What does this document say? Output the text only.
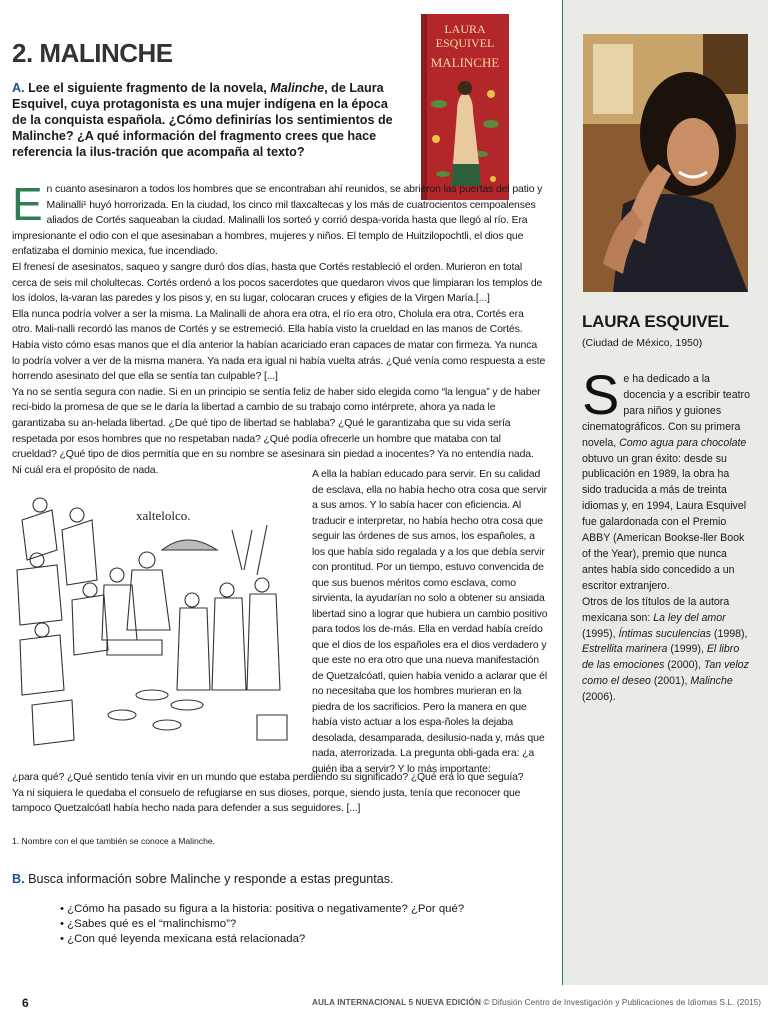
LAURA ESQUIVEL
(Ciudad de México, 1950)
Se ha dedicado a la docencia y a escribir teatro para niños y guiones cinematográficos. Con su primera novela, Como agua para chocolate obtuvo un gran éxito: desde su publicación en 1989, la obra ha sido traducida a más de treinta idiomas y, en 1994, Laura Esquivel fue galardonada con el Premio ABBY (American Bookse-ller Book of the Year), premio que nunca antes había sido concedido a un escritor extranjero.
Otros de los títulos de la autora mexicana son: La ley del amor (1995), Íntimas suculencias (1998), Estrellita marinera (1999), El libro de las emociones (2000), Tan veloz como el deseo (2001), Malinche (2006).
2. MALINCHE
A. Lee el siguiente fragmento de la novela, Malinche, de Laura Esquivel, cuya protagonista es una mujer indígena en la época de la conquista española. ¿Cómo definirías los sentimientos de Malinche? ¿A qué información del fragmento crees que hace referencia la ilus-tración que acompaña al texto?
LAURA
ESQUIVEL
MALINCHE

En cuanto asesinaron a todos los hombres que se encontraban ahí reunidos, se abrieron las puertas del patio y Malinalli¹ huyó horrorizada. En la ciudad, los cinco mil tlaxcaltecas y los más de cuatrocientos cempoalenses aliados de Cortés saqueaban la ciudad. Malinalli los sorteó y corrió despa-vorida hasta que llegó al río. Era impresionante el odio con el que asesinaban a hombres, mujeres y niños. El templo de Huitzilopochtli, el dios que enfatizaba el dominio mexica, fue incendiado.

El frenesí de asesinatos, saqueo y sangre duró dos días, hasta que Cortés restableció el orden. Murieron en total cerca de seis mil cholultecas. Cortés ordenó a los pocos sacerdotes que quedaron vivos que limpiaran los templos de los ídolos, la-varan las paredes y los pisos y, en su lugar, colocaran cruces y efigies de la Virgen María.[...]

Ella nunca podría volver a ser la misma. La Malinalli de ahora era otra, el río era otro, Cholula era otra, Cortés era otro. Mali-nalli recordó las manos de Cortés y se estremeció. Ella había visto la crueldad en las manos de Cortés. Había visto cómo esas manos que el día anterior la habían acariciado eran capaces de matar con firmeza. Ya nunca lo podría volver a ver de la misma manera. Ya nada era igual ni había vuelta atrás. ¿Qué venía como respuesta a este horrendo asesinato del que ella se sentía tan culpable? [...]

Ya no se sentía segura con nadie. Si en un principio se sentía feliz de haber sido elegida como “la lengua” y de haber reci-bido la promesa de que se le daría la libertad a cambio de su trabajo como intérprete, ahora ya nada le garantizaba su an-helada libertad. ¿De qué tipo de libertad se hablaba? ¿Qué le garantizaba que su vida sería respetada por esos hombres que no respetaban nada? ¿Qué podía ofrecerle un hombre que mataba con tal crueldad? ¿Qué tipo de dios permitía que en su nombre se asesinara sin piedad a inocentes? Ya no entendía nada. Ni cuál era el propósito de nada.

xaltelolco.
A ella la habían educado para servir. En su calidad de esclava, ella no había hecho otra cosa que servir a sus amos. Y lo sabía hacer con eficiencia. Al traducir e interpretar, no había hecho otra cosa que seguir las órdenes de sus amos, los españoles, a los que había sido regalada y a los que debía servir con prontitud. Por un tiempo, estuvo convencida de que sus buenos méritos como esclava, como sirvienta, la ayudarían no solo a obtener su ansiada libertad sino a lograr que hubiera un cambio positivo para todos los de-más. Ella en verdad había creído que el dios de los españoles era el dios verdadero y que este no era otro que una nueva manifestación de Quetzalcóatl, quien había venido a aclarar que él no necesitaba que los hombres murieran en la piedra de los sacrificios. Pero la manera en que había visto actuar a los espa-ñoles la dejaba desolada, desamparada, desilusio-nada y, más que nada, aterrorizada. La pregunta obli-gada era: ¿a quién iba a servir? Y lo más importante:

¿para qué? ¿Qué sentido tenía vivir en un mundo que estaba perdiendo su significado? ¿Qué era lo que seguía?

Ya ni siquiera le quedaba el consuelo de refugiarse en sus dioses, porque, siendo justa, tenía que reconocer que tampoco Quetzalcóatl había hecho nada para defender a sus seguidores. [...]

1. Nombre con el que también se conoce a Malinche.
B. Busca información sobre Malinche y responde a estas preguntas.
• ¿Cómo ha pasado su figura a la historia: positiva o negativamente? ¿Por qué?
• ¿Sabes qué es el “malinchismo”?
• ¿Con qué leyenda mexicana está relacionada?
6	AULA INTERNACIONAL 5 NUEVA EDICIÓN © Difusión Centro de Investigación y Publicaciones de Idiomas S.L. (2015)
